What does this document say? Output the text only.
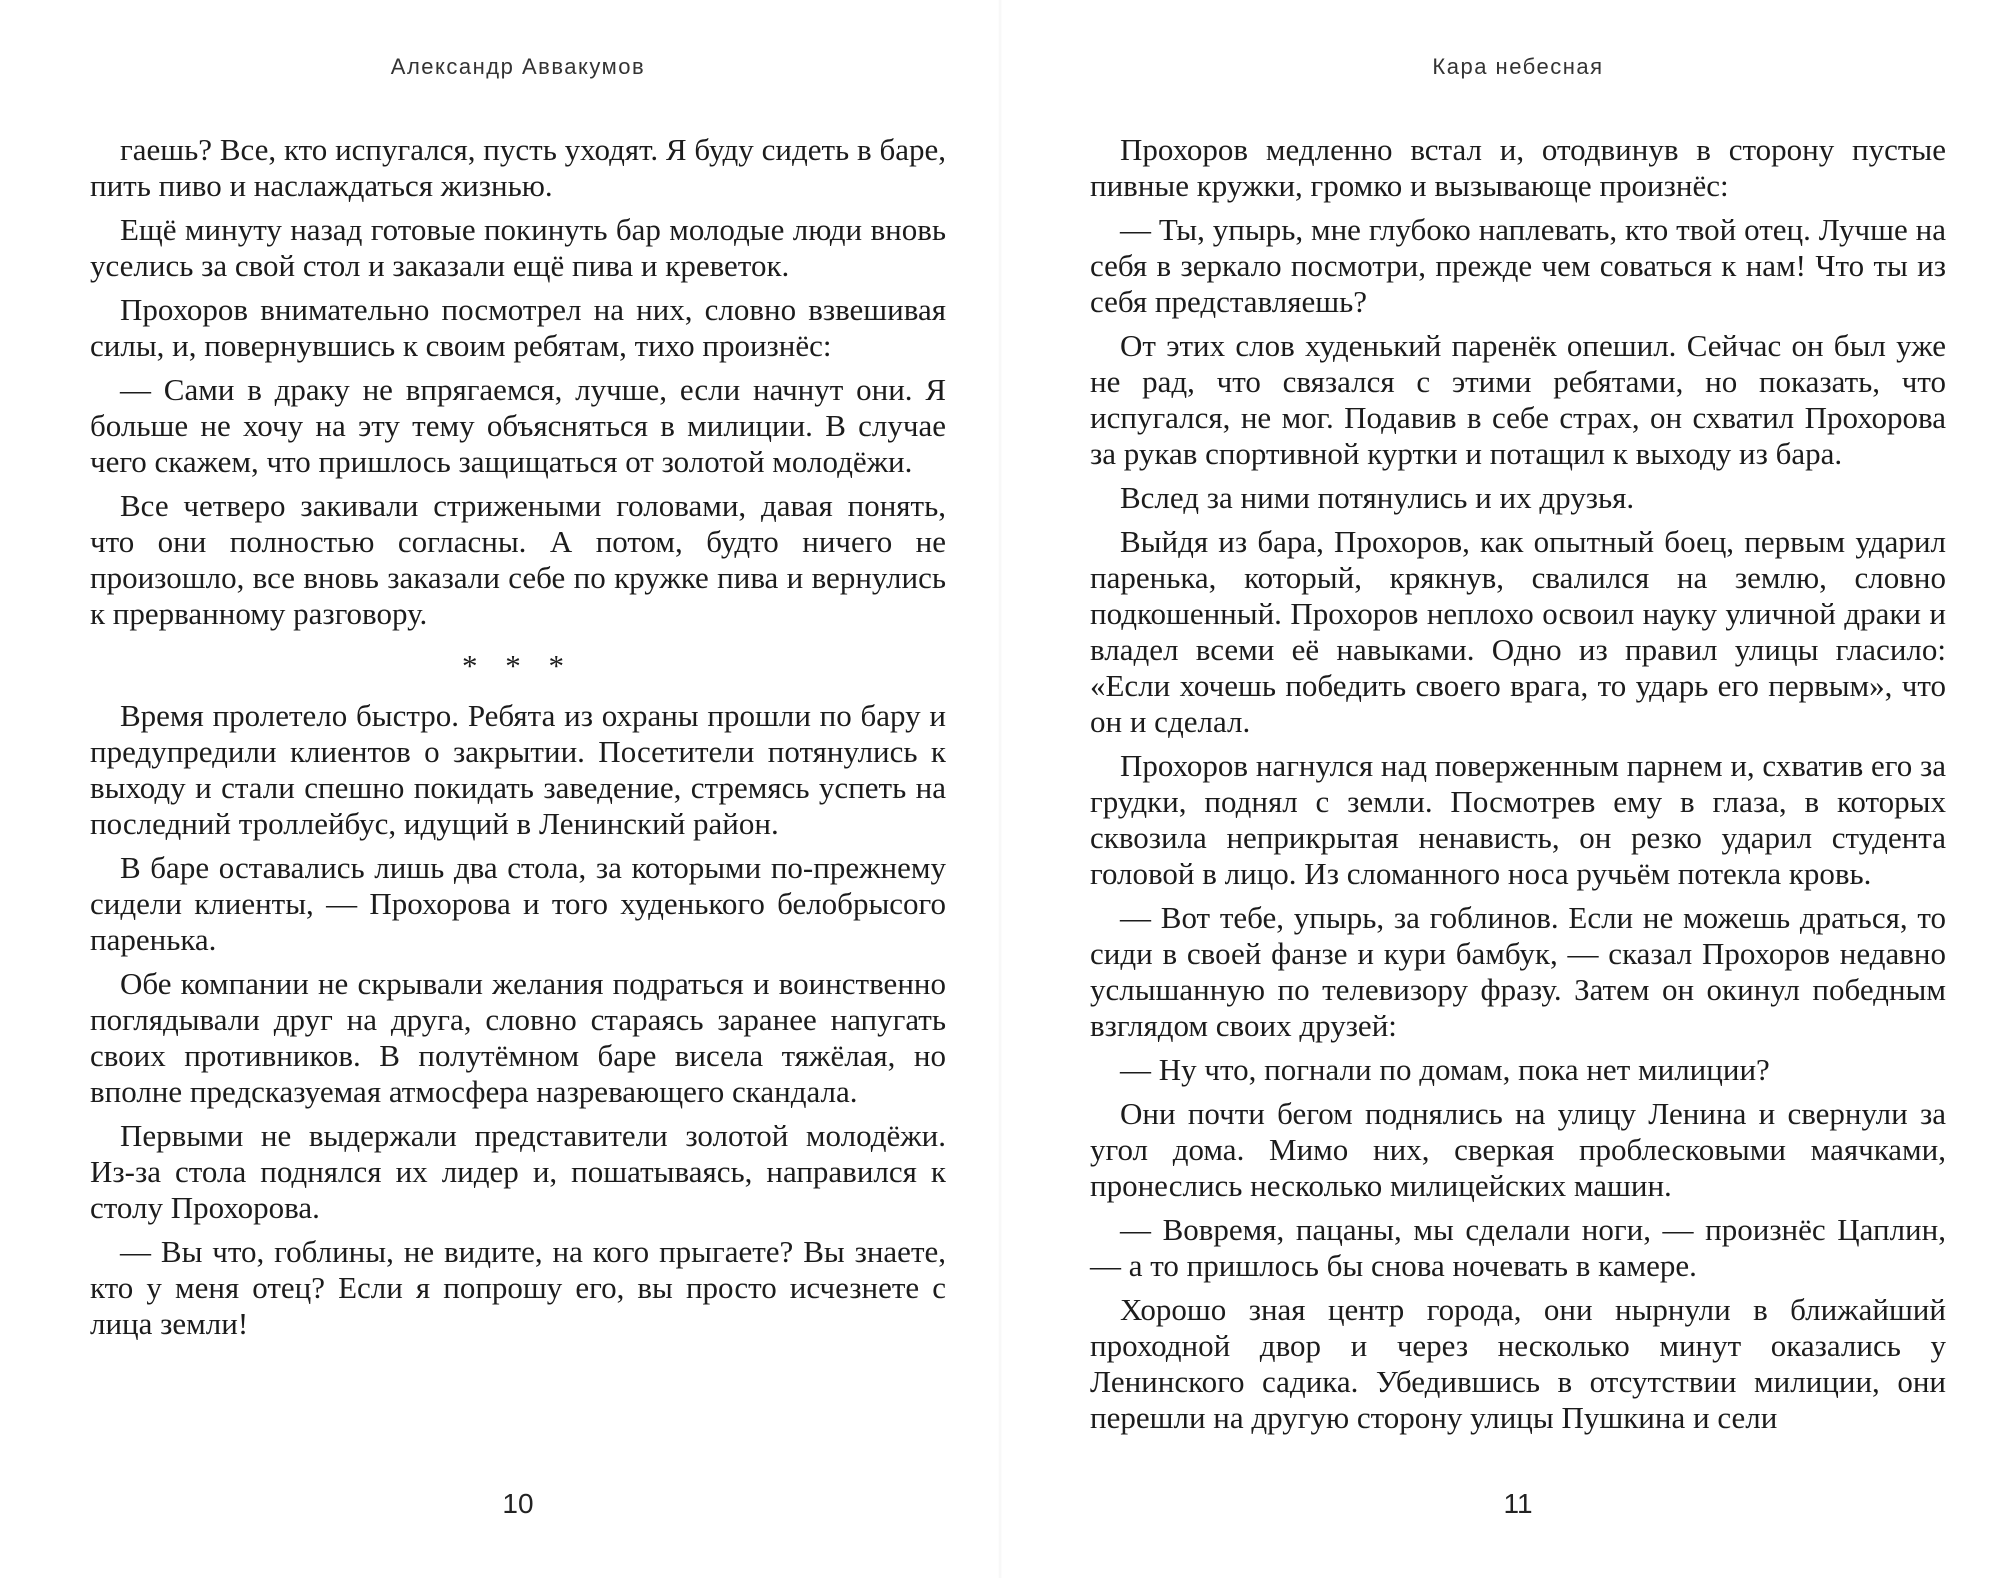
Александр Аввакумов

гаешь? Все, кто испугался, пусть уходят. Я буду сидеть в баре, пить пиво и наслаждаться жизнью.

Ещё минуту назад готовые покинуть бар молодые люди вновь уселись за свой стол и заказали ещё пива и креветок.

Прохоров внимательно посмотрел на них, словно взвешивая силы, и, повернувшись к своим ребятам, тихо произнёс:

— Сами в драку не впрягаемся, лучше, если начнут они. Я больше не хочу на эту тему объясняться в милиции. В случае чего скажем, что пришлось защищаться от золотой молодёжи.

Все четверо закивали стрижеными головами, давая понять, что они полностью согласны. А потом, будто ничего не произошло, все вновь заказали себе по кружке пива и вернулись к прерванному разговору.

* * *

Время пролетело быстро. Ребята из охраны прошли по бару и предупредили клиентов о закрытии. Посетители потянулись к выходу и стали спешно покидать заведение, стремясь успеть на последний троллейбус, идущий в Ленинский район.

В баре оставались лишь два стола, за которыми по-прежнему сидели клиенты, — Прохорова и того худенького белобрысого паренька.

Обе компании не скрывали желания подраться и воинственно поглядывали друг на друга, словно стараясь заранее напугать своих противников. В полутёмном баре висела тяжёлая, но вполне предсказуемая атмосфера назревающего скандала.

Первыми не выдержали представители золотой молодёжи. Из-за стола поднялся их лидер и, пошатываясь, направился к столу Прохорова.

— Вы что, гоблины, не видите, на кого прыгаете? Вы знаете, кто у меня отец? Если я попрошу его, вы просто исчезнете с лица земли!

10
Кара небесная

Прохоров медленно встал и, отодвинув в сторону пустые пивные кружки, громко и вызывающе произнёс:

— Ты, упырь, мне глубоко наплевать, кто твой отец. Лучше на себя в зеркало посмотри, прежде чем соваться к нам! Что ты из себя представляешь?

От этих слов худенький паренёк опешил. Сейчас он был уже не рад, что связался с этими ребятами, но показать, что испугался, не мог. Подавив в себе страх, он схватил Прохорова за рукав спортивной куртки и потащил к выходу из бара.

Вслед за ними потянулись и их друзья.

Выйдя из бара, Прохоров, как опытный боец, первым ударил паренька, который, крякнув, свалился на землю, словно подкошенный. Прохоров неплохо освоил науку уличной драки и владел всеми её навыками. Одно из правил улицы гласило: «Если хочешь победить своего врага, то ударь его первым», что он и сделал.

Прохоров нагнулся над поверженным парнем и, схватив его за грудки, поднял с земли. Посмотрев ему в глаза, в которых сквозила неприкрытая ненависть, он резко ударил студента головой в лицо. Из сломанного носа ручьём потекла кровь.

— Вот тебе, упырь, за гоблинов. Если не можешь драться, то сиди в своей фанзе и кури бамбук, — сказал Прохоров недавно услышанную по телевизору фразу. Затем он окинул победным взглядом своих друзей:

— Ну что, погнали по домам, пока нет милиции?

Они почти бегом поднялись на улицу Ленина и свернули за угол дома. Мимо них, сверкая проблесковыми маячками, пронеслись несколько милицейских машин.

— Вовремя, пацаны, мы сделали ноги, — произнёс Цаплин, — а то пришлось бы снова ночевать в камере.

Хорошо зная центр города, они нырнули в ближайший проходной двор и через несколько минут оказались у Ленинского садика. Убедившись в отсутствии милиции, они перешли на другую сторону улицы Пушкина и сели

11
